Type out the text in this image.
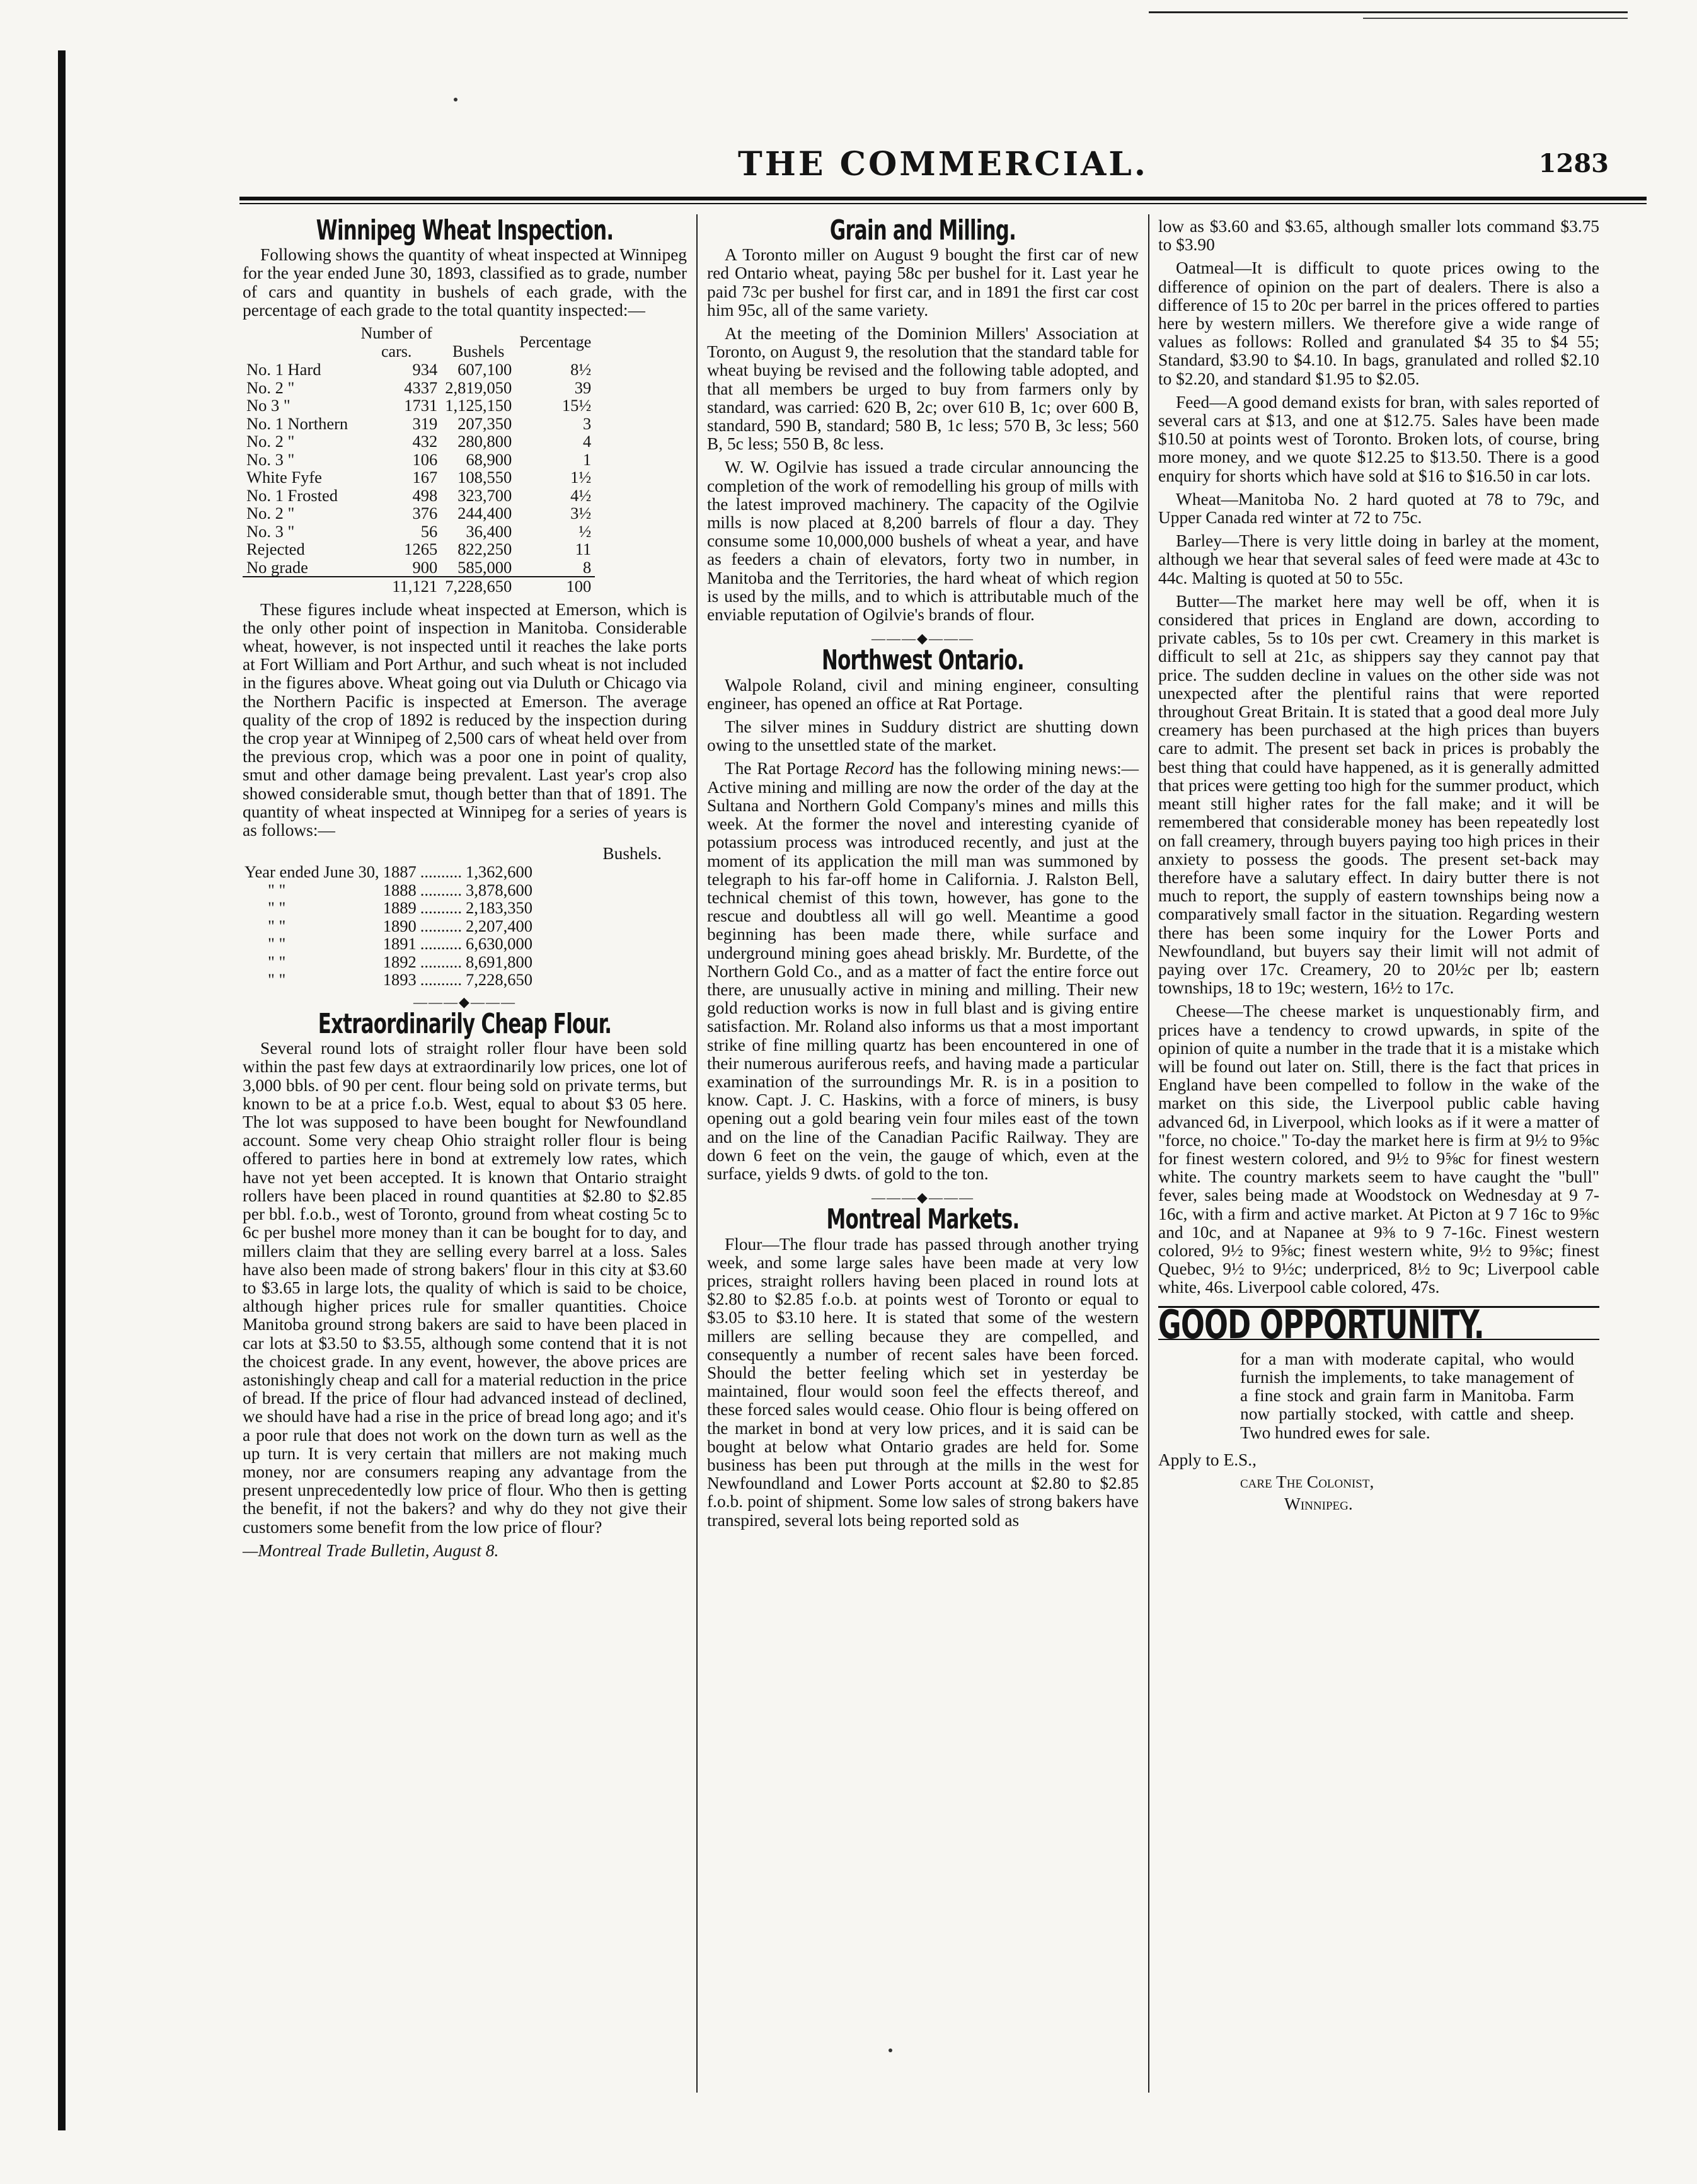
THE COMMERCIAL.	1283
Winnipeg Wheat Inspection.

Following shows the quantity of wheat inspected at Winnipeg for the year ended June 30, 1893, classified as to grade, number of cars and quantity in bushels of each grade, with the percentage of each grade to the total quantity inspected:—

	Number of cars.	Bushels	Percentage
No. 1 Hard	934	607,100	8½
No. 2 "	4337	2,819,050	39
No 3 "	1731	1,125,150	15½
No. 1 Northern	319	207,350	3
No. 2 "	432	280,800	4
No. 3 "	106	68,900	1
White Fyfe	167	108,550	1½
No. 1 Frosted	498	323,700	4½
No. 2 "	376	244,400	3½
No. 3 "	56	36,400	½
Rejected	1265	822,250	11
No grade	900	585,000	8
	11,121	7,228,650	100

These figures include wheat inspected at Emerson, which is the only other point of inspection in Manitoba. Considerable wheat, however, is not inspected until it reaches the lake ports at Fort William and Port Arthur, and such wheat is not included in the figures above. Wheat going out via Duluth or Chicago via the Northern Pacific is inspected at Emerson. The average quality of the crop of 1892 is reduced by the inspection during the crop year at Winnipeg of 2,500 cars of wheat held over from the previous crop, which was a poor one in point of quality, smut and other damage being prevalent. Last year's crop also showed considerable smut, though better than that of 1891. The quantity of wheat inspected at Winnipeg for a series of years is as follows:—

Bushels.
Year ended June 30,	1887	..........	1,362,600
" "	1888	..........	3,878,600
" "	1889	..........	2,183,350
" "	1890	..........	2,207,400
" "	1891	..........	6,630,000
" "	1892	..........	8,691,800
" "	1893	..........	7,228,650
———◆———
Extraordinarily Cheap Flour.

Several round lots of straight roller flour have been sold within the past few days at extraordinarily low prices, one lot of 3,000 bbls. of 90 per cent. flour being sold on private terms, but known to be at a price f.o.b. West, equal to about $3 05 here. The lot was supposed to have been bought for Newfoundland account. Some very cheap Ohio straight roller flour is being offered to parties here in bond at extremely low rates, which have not yet been accepted. It is known that Ontario straight rollers have been placed in round quantities at $2.80 to $2.85 per bbl. f.o.b., west of Toronto, ground from wheat costing 5c to 6c per bushel more money than it can be bought for to day, and millers claim that they are selling every barrel at a loss. Sales have also been made of strong bakers' flour in this city at $3.60 to $3.65 in large lots, the quality of which is said to be choice, although higher prices rule for smaller quantities. Choice Manitoba ground strong bakers are said to have been placed in car lots at $3.50 to $3.55, although some contend that it is not the choicest grade. In any event, however, the above prices are astonishingly cheap and call for a material reduction in the price of bread. If the price of flour had advanced instead of declined, we should have had a rise in the price of bread long ago; and it's a poor rule that does not work on the down turn as well as the up turn. It is very certain that millers are not making much money, nor are consumers reaping any advantage from the present unprecedentedly low price of flour. Who then is getting the benefit, if not the bakers? and why do they not give their customers some benefit from the low price of flour?

—Montreal Trade Bulletin, August 8.
Grain and Milling.

A Toronto miller on August 9 bought the first car of new red Ontario wheat, paying 58c per bushel for it. Last year he paid 73c per bushel for first car, and in 1891 the first car cost him 95c, all of the same variety.

At the meeting of the Dominion Millers' Association at Toronto, on August 9, the resolution that the standard table for wheat buying be revised and the following table adopted, and that all members be urged to buy from farmers only by standard, was carried: 620 B, 2c; over 610 B, 1c; over 600 B, standard, 590 B, standard; 580 B, 1c less; 570 B, 3c less; 560 B, 5c less; 550 B, 8c less.

W. W. Ogilvie has issued a trade circular announcing the completion of the work of remodelling his group of mills with the latest improved machinery. The capacity of the Ogilvie mills is now placed at 8,200 barrels of flour a day. They consume some 10,000,000 bushels of wheat a year, and have as feeders a chain of elevators, forty two in number, in Manitoba and the Territories, the hard wheat of which region is used by the mills, and to which is attributable much of the enviable reputation of Ogilvie's brands of flour.

———◆———
Northwest Ontario.

Walpole Roland, civil and mining engineer, consulting engineer, has opened an office at Rat Portage.

The silver mines in Suddury district are shutting down owing to the unsettled state of the market.

The Rat Portage Record has the following mining news:—Active mining and milling are now the order of the day at the Sultana and Northern Gold Company's mines and mills this week. At the former the novel and interesting cyanide of potassium process was introduced recently, and just at the moment of its application the mill man was summoned by telegraph to his far-off home in California. J. Ralston Bell, technical chemist of this town, however, has gone to the rescue and doubtless all will go well. Meantime a good beginning has been made there, while surface and underground mining goes ahead briskly. Mr. Burdette, of the Northern Gold Co., and as a matter of fact the entire force out there, are unusually active in mining and milling. Their new gold reduction works is now in full blast and is giving entire satisfaction. Mr. Roland also informs us that a most important strike of fine milling quartz has been encountered in one of their numerous auriferous reefs, and having made a particular examination of the surroundings Mr. R. is in a position to know. Capt. J. C. Haskins, with a force of miners, is busy opening out a gold bearing vein four miles east of the town and on the line of the Canadian Pacific Railway. They are down 6 feet on the vein, the gauge of which, even at the surface, yields 9 dwts. of gold to the ton.

———◆———
Montreal Markets.

Flour—The flour trade has passed through another trying week, and some large sales have been made at very low prices, straight rollers having been placed in round lots at $2.80 to $2.85 f.o.b. at points west of Toronto or equal to $3.05 to $3.10 here. It is stated that some of the western millers are selling because they are compelled, and consequently a number of recent sales have been forced. Should the better feeling which set in yesterday be maintained, flour would soon feel the effects thereof, and these forced sales would cease. Ohio flour is being offered on the market in bond at very low prices, and it is said can be bought at below what Ontario grades are held for. Some business has been put through at the mills in the west for Newfoundland and Lower Ports account at $2.80 to $2.85 f.o.b. point of shipment. Some low sales of strong bakers have transpired, several lots being reported sold as

low as $3.60 and $3.65, although smaller lots command $3.75 to $3.90

Oatmeal—It is difficult to quote prices owing to the difference of opinion on the part of dealers. There is also a difference of 15 to 20c per barrel in the prices offered to parties here by western millers. We therefore give a wide range of values as follows: Rolled and granulated $4 35 to $4 55; Standard, $3.90 to $4.10. In bags, granulated and rolled $2.10 to $2.20, and standard $1.95 to $2.05.

Feed—A good demand exists for bran, with sales reported of several cars at $13, and one at $12.75. Sales have been made $10.50 at points west of Toronto. Broken lots, of course, bring more money, and we quote $12.25 to $13.50. There is a good enquiry for shorts which have sold at $16 to $16.50 in car lots.

Wheat—Manitoba No. 2 hard quoted at 78 to 79c, and Upper Canada red winter at 72 to 75c.

Barley—There is very little doing in barley at the moment, although we hear that several sales of feed were made at 43c to 44c. Malting is quoted at 50 to 55c.

Butter—The market here may well be off, when it is considered that prices in England are down, according to private cables, 5s to 10s per cwt. Creamery in this market is difficult to sell at 21c, as shippers say they cannot pay that price. The sudden decline in values on the other side was not unexpected after the plentiful rains that were reported throughout Great Britain. It is stated that a good deal more July creamery has been purchased at the high prices than buyers care to admit. The present set back in prices is probably the best thing that could have happened, as it is generally admitted that prices were getting too high for the summer product, which meant still higher rates for the fall make; and it will be remembered that considerable money has been repeatedly lost on fall creamery, through buyers paying too high prices in their anxiety to possess the goods. The present set-back may therefore have a salutary effect. In dairy butter there is not much to report, the supply of eastern townships being now a comparatively small factor in the situation. Regarding western there has been some inquiry for the Lower Ports and Newfoundland, but buyers say their limit will not admit of paying over 17c. Creamery, 20 to 20½c per lb; eastern townships, 18 to 19c; western, 16½ to 17c.

Cheese—The cheese market is unquestionably firm, and prices have a tendency to crowd upwards, in spite of the opinion of quite a number in the trade that it is a mistake which will be found out later on. Still, there is the fact that prices in England have been compelled to follow in the wake of the market on this side, the Liverpool public cable having advanced 6d, in Liverpool, which looks as if it were a matter of "force, no choice." To-day the market here is firm at 9½ to 9⅝c for finest western colored, and 9½ to 9⅝c for finest western white. The country markets seem to have caught the "bull" fever, sales being made at Woodstock on Wednesday at 9 7-16c, with a firm and active market. At Picton at 9 7 16c to 9⅝c and 10c, and at Napanee at 9⅜ to 9 7-16c. Finest western colored, 9½ to 9⅝c; finest western white, 9½ to 9⅝c; finest Quebec, 9½ to 9½c; underpriced, 8½ to 9c; Liverpool cable white, 46s. Liverpool cable colored, 47s.

GOOD OPPORTUNITY.

for a man with moderate capital, who would furnish the implements, to take management of a fine stock and grain farm in Manitoba. Farm now partially stocked, with cattle and sheep. Two hundred ewes for sale.

Apply to E.S.,
care The Colonist,
Winnipeg.
